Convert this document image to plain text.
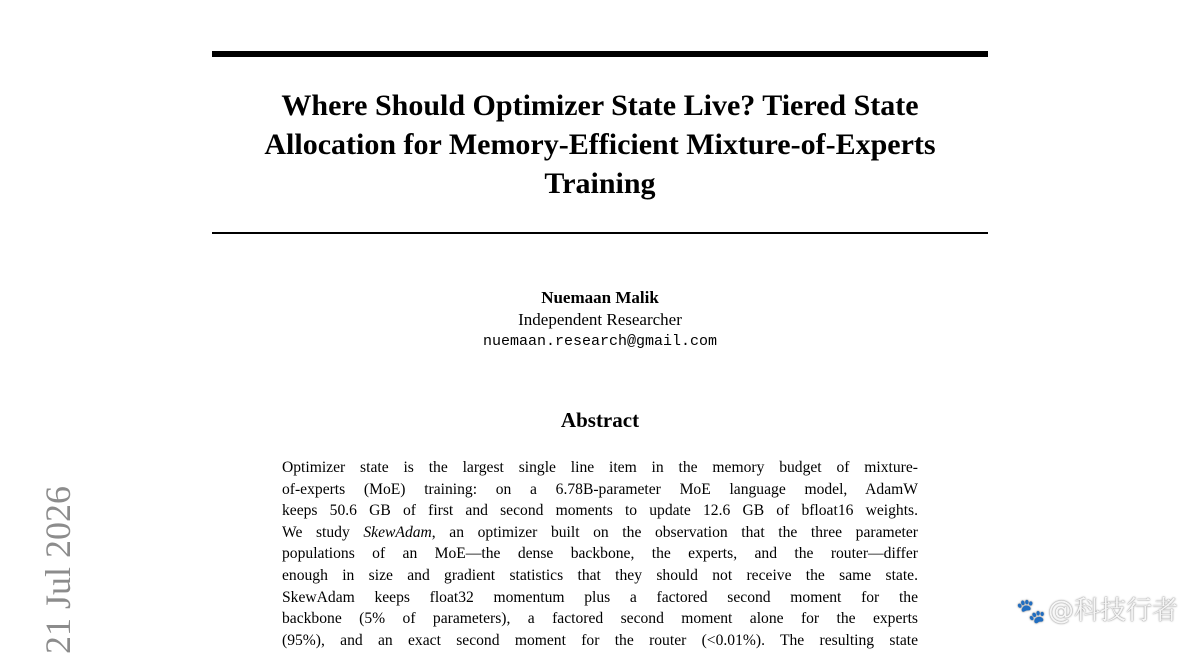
Where Should Optimizer State Live? Tiered State
Allocation for Memory-Efficient Mixture-of-Experts
Training
Nuemaan Malik
Independent Researcher
nuemaan.research@gmail.com
Abstract
Optimizer state is the largest single line item in the memory budget of mixture-
of-experts (MoE) training: on a 6.78B-parameter MoE language model, AdamW
keeps 50.6 GB of first and second moments to update 12.6 GB of bfloat16 weights.
We study SkewAdam, an optimizer built on the observation that the three parameter
populations of an MoE—the dense backbone, the experts, and the router—differ
enough in size and gradient statistics that they should not receive the same state.
SkewAdam keeps float32 momentum plus a factored second moment for the
backbone (5% of parameters), a factored second moment alone for the experts
(95%), and an exact second moment for the router (<0.01%). The resulting state
21 Jul 2026	🐾@科技行者
